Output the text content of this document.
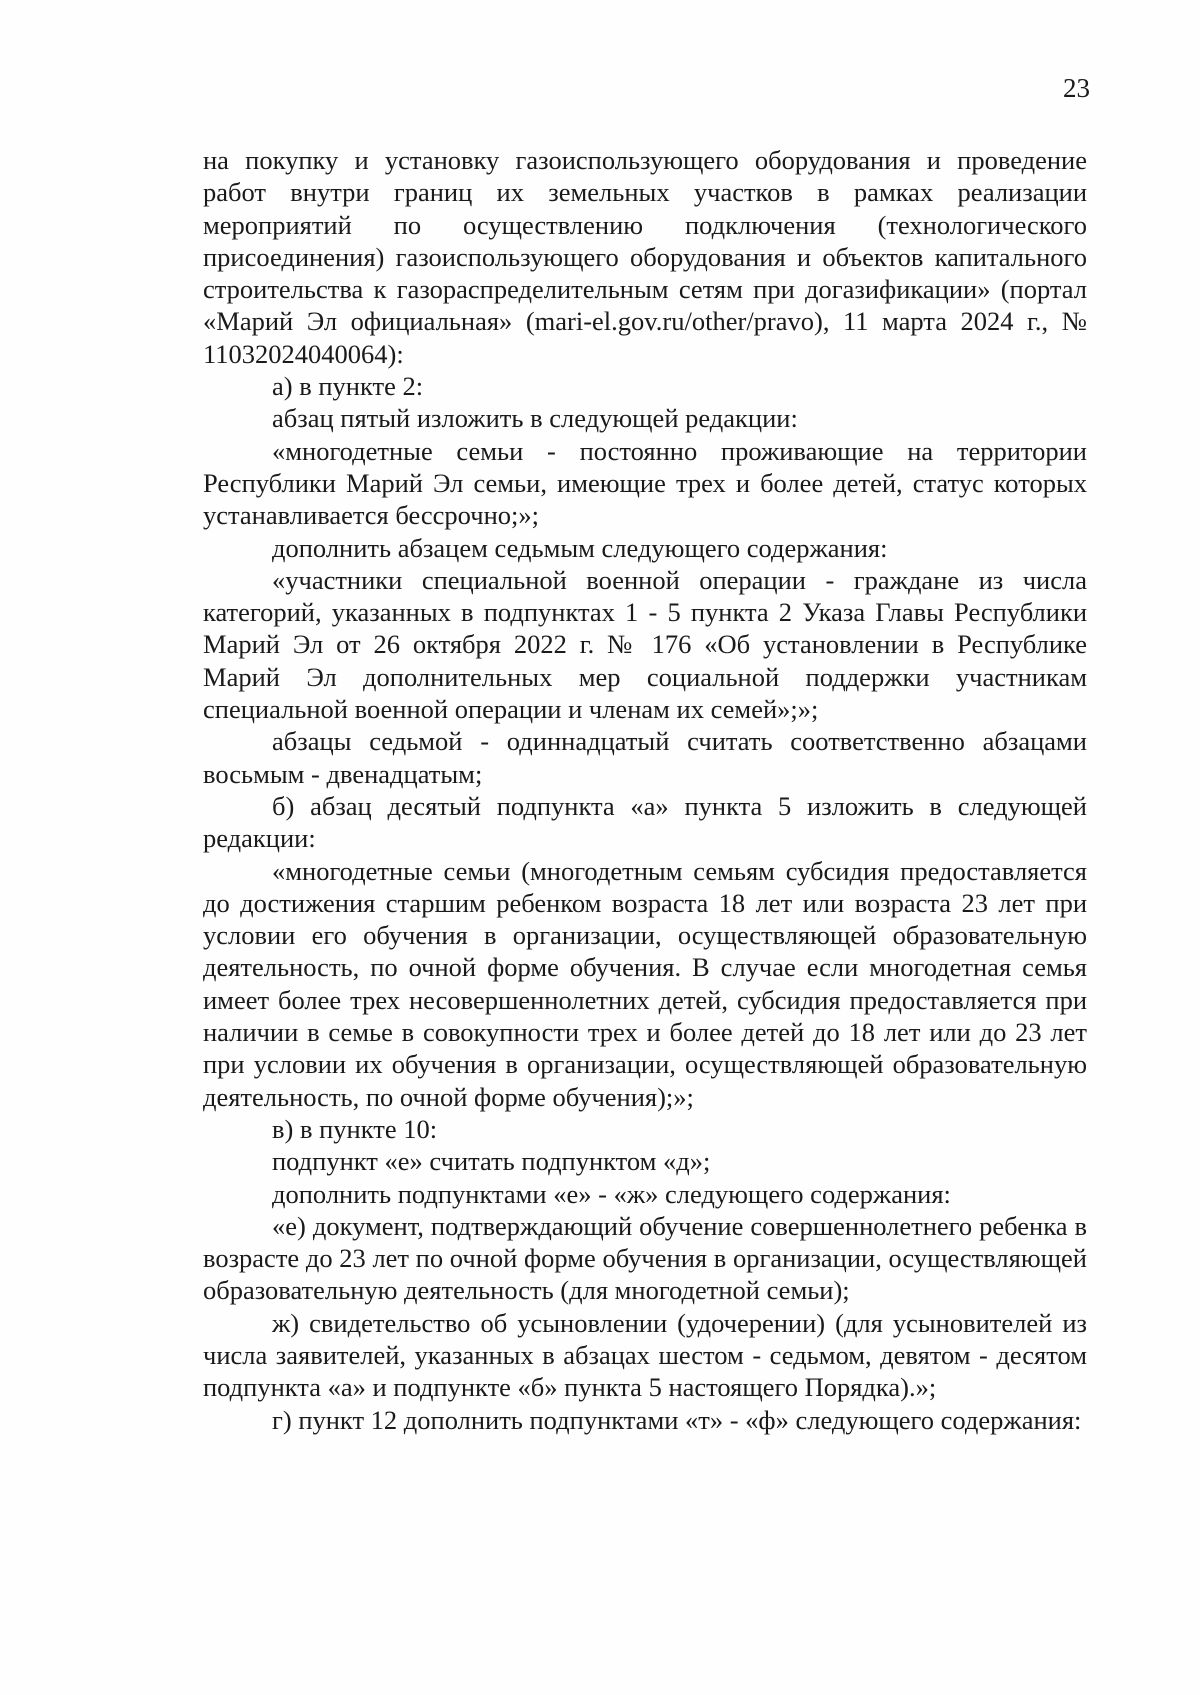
23

на покупку и установку газоиспользующего оборудования и проведение работ внутри границ их земельных участков в рамках реализации мероприятий по осуществлению подключения (технологического присоединения) газоиспользующего оборудования и объектов капитального строительства к газораспределительным сетям при догазификации» (портал «Марий Эл официальная» (mari-el.gov.ru/other/pravo), 11 марта 2024 г., № 11032024040064):

а) в пункте 2:

абзац пятый изложить в следующей редакции:

«многодетные семьи - постоянно проживающие на территории Республики Марий Эл семьи, имеющие трех и более детей, статус которых устанавливается бессрочно;»;

дополнить абзацем седьмым следующего содержания:

«участники специальной военной операции - граждане из числа категорий, указанных в подпунктах 1 - 5 пункта 2 Указа Главы Республики Марий Эл от 26 октября 2022 г. № 176 «Об установлении в Республике Марий Эл дополнительных мер социальной поддержки участникам специальной военной операции и членам их семей»;»;

абзацы седьмой - одиннадцатый считать соответственно абзацами восьмым - двенадцатым;

б) абзац десятый подпункта «а» пункта 5 изложить в следующей редакции:

«многодетные семьи (многодетным семьям субсидия предоставляется до достижения старшим ребенком возраста 18 лет или возраста 23 лет при условии его обучения в организации, осуществляющей образовательную деятельность, по очной форме обучения. В случае если многодетная семья имеет более трех несовершеннолетних детей, субсидия предоставляется при наличии в семье в совокупности трех и более детей до 18 лет или до 23 лет при условии их обучения в организации, осуществляющей образовательную деятельность, по очной форме обучения);»;

в) в пункте 10:

подпункт «е» считать подпунктом «д»;

дополнить подпунктами «е» - «ж» следующего содержания:

«е) документ, подтверждающий обучение совершеннолетнего ребенка в возрасте до 23 лет по очной форме обучения в организации, осуществляющей образовательную деятельность (для многодетной семьи);

ж) свидетельство об усыновлении (удочерении) (для усыновителей из числа заявителей, указанных в абзацах шестом - седьмом, девятом - десятом подпункта «а» и подпункте «б» пункта 5 настоящего Порядка).»;

г) пункт 12 дополнить подпунктами «т» - «ф» следующего содержания:
